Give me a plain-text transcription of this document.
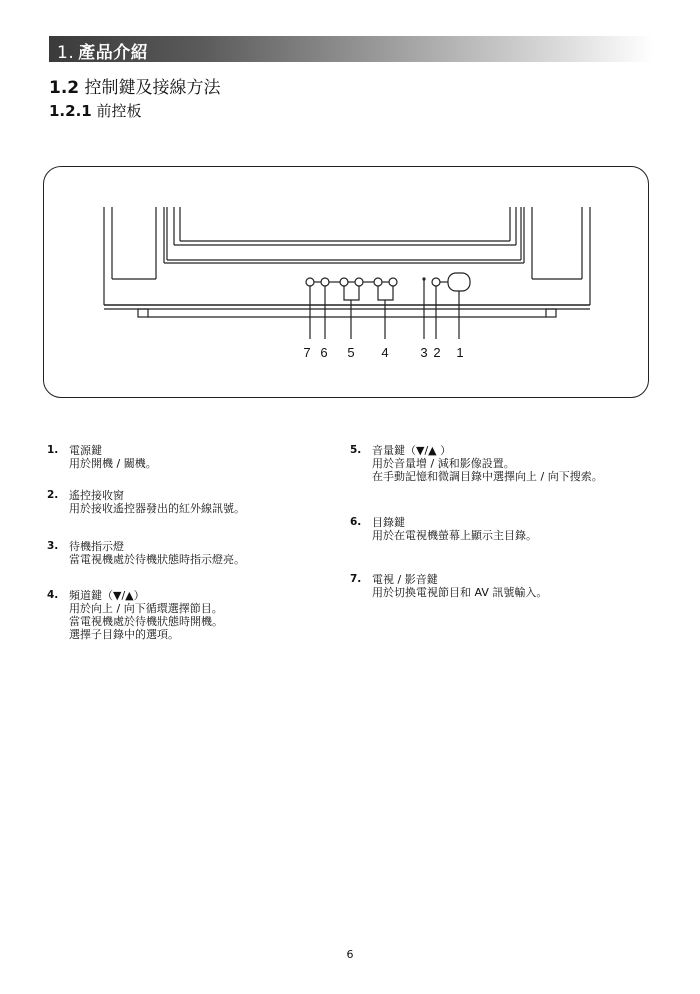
1. 產品介紹
1.2 控制鍵及接線方法
1.2.1 前控板
7 6 5 4 3 2 1
1. 電源鍵
用於開機 / 關機。
2. 遙控接收窗
用於接收遙控器發出的紅外線訊號。
3. 待機指示燈
當電視機處於待機狀態時指示燈亮。
4. 頻道鍵（▼/▲）
用於向上 / 向下循環選擇節目。
當電視機處於待機狀態時開機。
選擇子目錄中的選項。
5. 音量鍵（▼/▲ ）
用於音量增 / 減和影像設置。
在手動記憶和微調目錄中選擇向上 / 向下搜索。
6. 目錄鍵
用於在電視機螢幕上顯示主目錄。
7. 電視 / 影音鍵
用於切換電視節目和 AV 訊號輸入。
6
